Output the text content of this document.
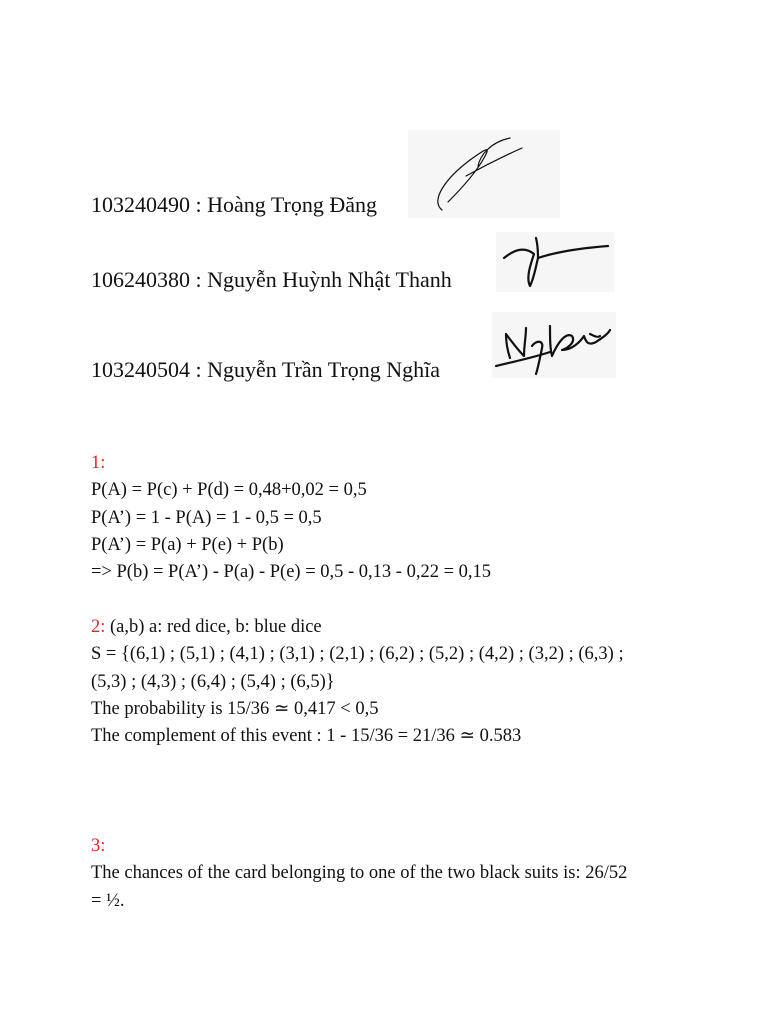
103240490 : Hoàng Trọng Đăng
106240380 : Nguyễn Huỳnh Nhật Thanh
103240504 : Nguyễn Trần Trọng Nghĩa
1:
P(A) = P(c) + P(d) = 0,48+0,02 = 0,5
P(A’) = 1 - P(A) = 1 - 0,5 = 0,5
P(A’) = P(a) + P(e) + P(b)
=> P(b) = P(A’) - P(a) - P(e) = 0,5 - 0,13 - 0,22 = 0,15
2: (a,b) a: red dice, b: blue dice
S = {(6,1) ; (5,1) ; (4,1) ; (3,1) ; (2,1) ; (6,2) ; (5,2) ; (4,2) ; (3,2) ; (6,3) ;
(5,3) ; (4,3) ; (6,4) ; (5,4) ; (6,5)}
The probability is 15/36 ≃ 0,417 < 0,5
The complement of this event : 1 - 15/36 = 21/36 ≃ 0.583
3:
The chances of the card belonging to one of the two black suits is: 26/52
= ½.
